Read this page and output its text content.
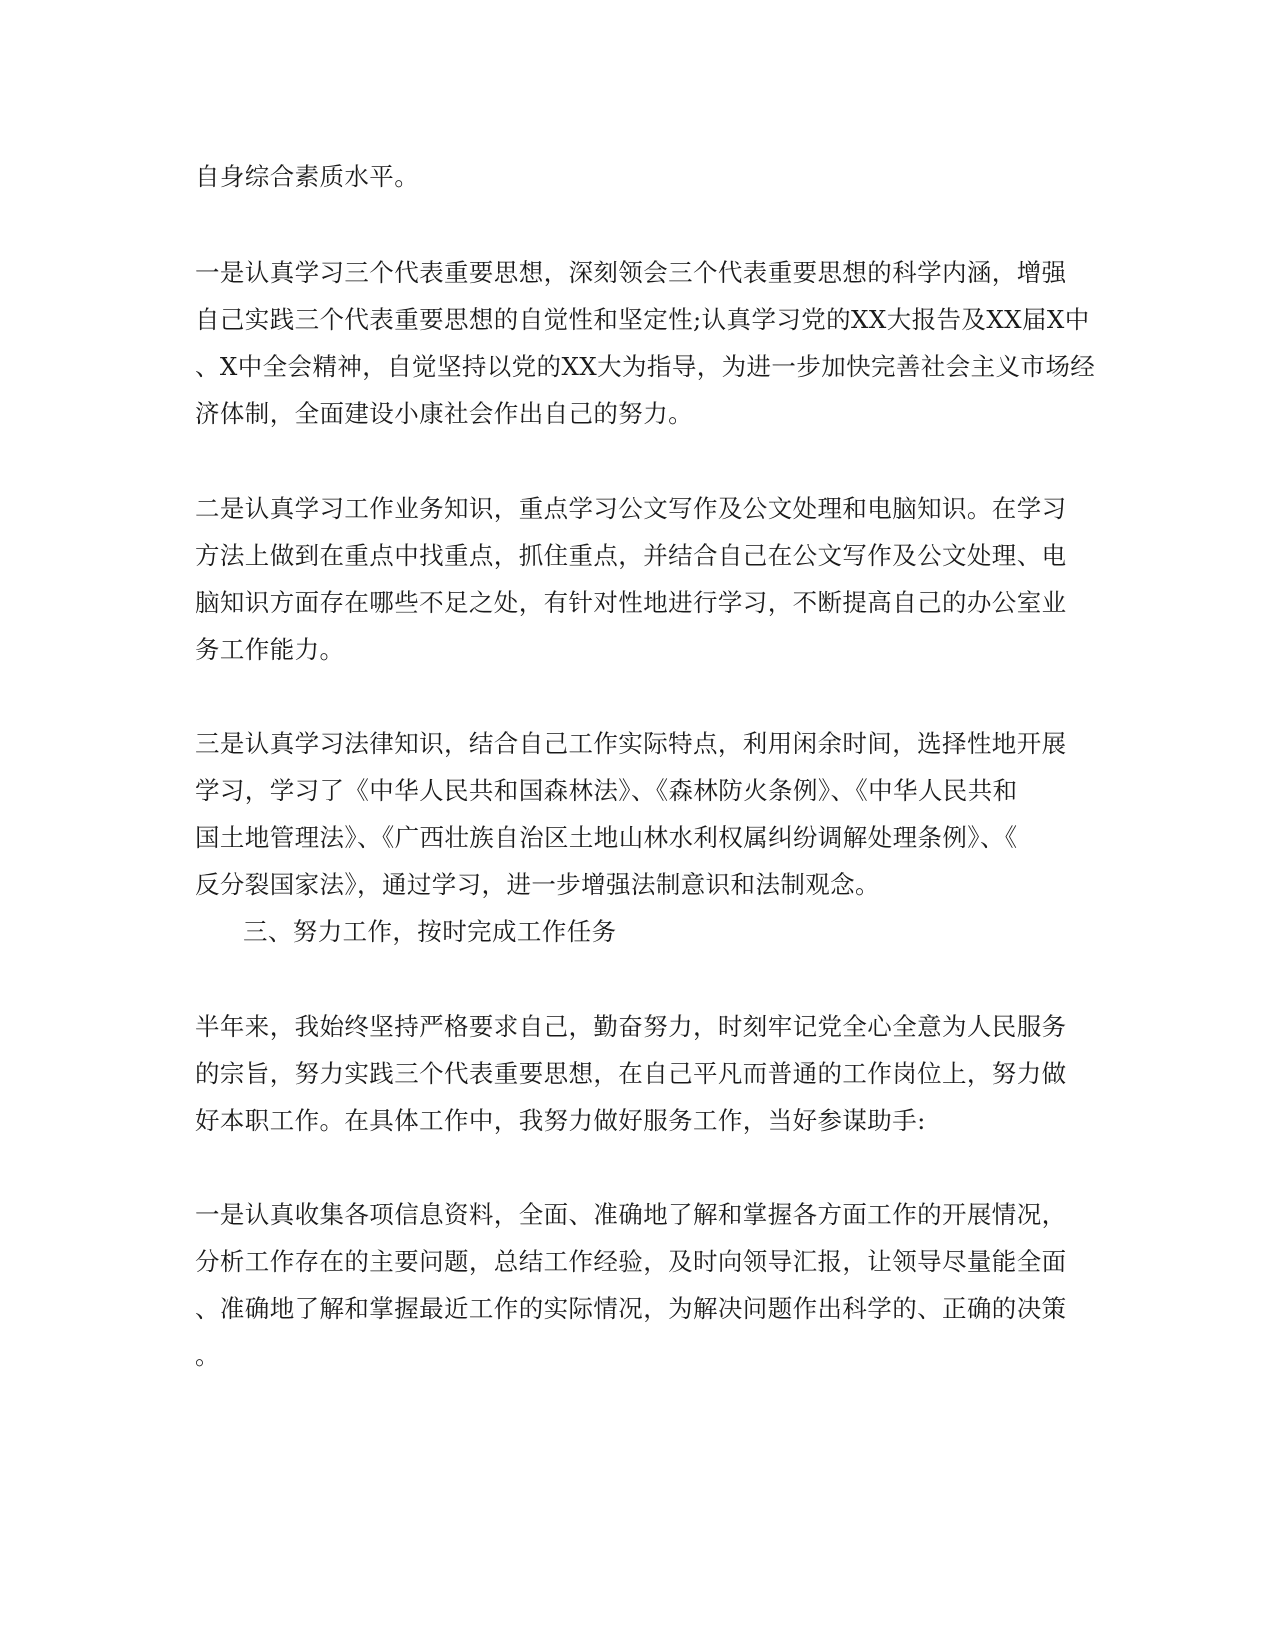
自身综合素质水平。
一是认真学习三个代表重要思想，深刻领会三个代表重要思想的科学内涵，增强
自己实践三个代表重要思想的自觉性和坚定性;认真学习党的XX大报告及XX届X中
、X中全会精神，自觉坚持以党的XX大为指导，为进一步加快完善社会主义市场经
济体制，全面建设小康社会作出自己的努力。
二是认真学习工作业务知识，重点学习公文写作及公文处理和电脑知识。在学习
方法上做到在重点中找重点，抓住重点，并结合自己在公文写作及公文处理、电
脑知识方面存在哪些不足之处，有针对性地进行学习，不断提高自己的办公室业
务工作能力。
三是认真学习法律知识，结合自己工作实际特点，利用闲余时间，选择性地开展
学习，学习了《中华人民共和国森林法》、《森林防火条例》、《中华人民共和
国土地管理法》、《广西壮族自治区土地山林水利权属纠纷调解处理条例》、《
反分裂国家法》，通过学习，进一步增强法制意识和法制观念。
三、努力工作，按时完成工作任务
半年来，我始终坚持严格要求自己，勤奋努力，时刻牢记党全心全意为人民服务
的宗旨，努力实践三个代表重要思想，在自己平凡而普通的工作岗位上，努力做
好本职工作。在具体工作中，我努力做好服务工作，当好参谋助手:
一是认真收集各项信息资料，全面、准确地了解和掌握各方面工作的开展情况，
分析工作存在的主要问题，总结工作经验，及时向领导汇报，让领导尽量能全面
、准确地了解和掌握最近工作的实际情况，为解决问题作出科学的、正确的决策
。
